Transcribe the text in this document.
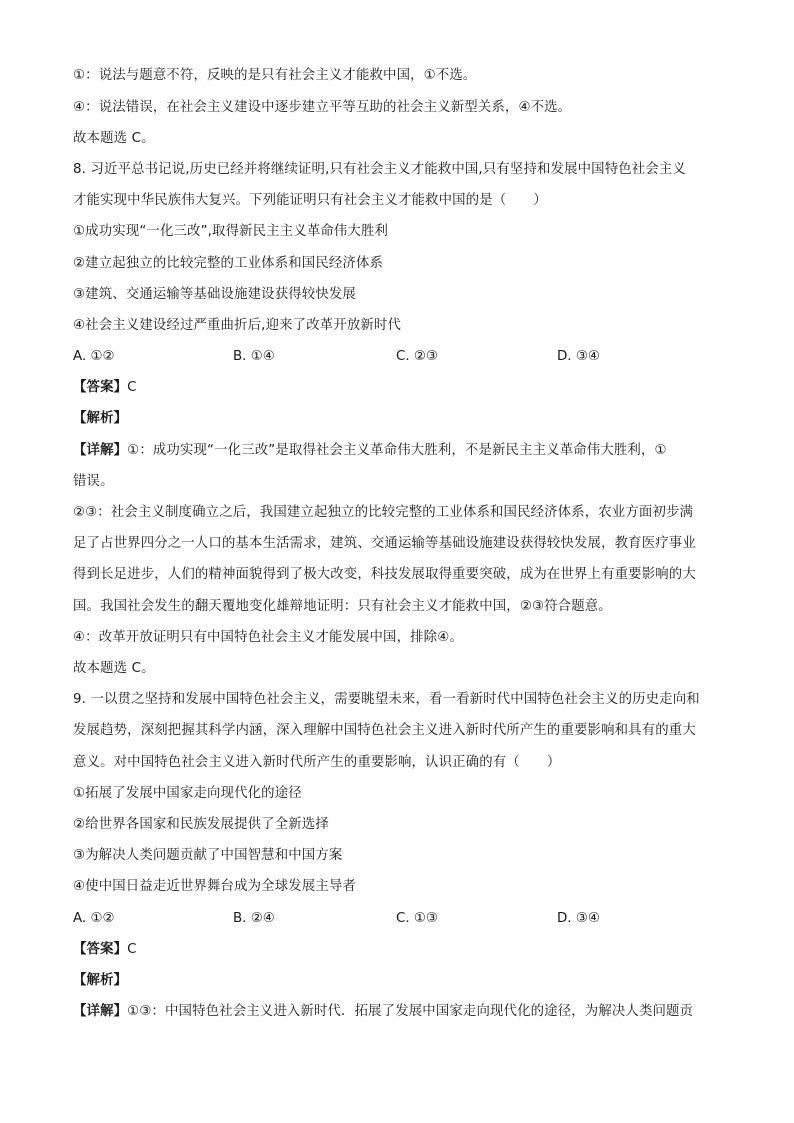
①：说法与题意不符，反映的是只有社会主义才能救中国，①不选。

④：说法错误，在社会主义建设中逐步建立平等互助的社会主义新型关系，④不选。

故本题选 C。

8. 习近平总书记说,历史已经并将继续证明,只有社会主义才能救中国,只有坚持和发展中国特色社会主义

才能实现中华民族伟大复兴。下列能证明只有社会主义才能救中国的是（　　）

①成功实现“一化三改”,取得新民主主义革命伟大胜利

②建立起独立的比较完整的工业体系和国民经济体系

③建筑、交通运输等基础设施建设获得较快发展

④社会主义建设经过严重曲折后,迎来了改革开放新时代

A. ①②	B. ①④	C. ②③	D. ③④

【答案】C

【解析】

【详解】①：成功实现“一化三改”是取得社会主义革命伟大胜利，不是新民主主义革命伟大胜利，①

错误。

②③：社会主义制度确立之后，我国建立起独立的比较完整的工业体系和国民经济体系，农业方面初步满

足了占世界四分之一人口的基本生活需求，建筑、交通运输等基础设施建设获得较快发展，教育医疗事业

得到长足进步，人们的精神面貌得到了极大改变，科技发展取得重要突破，成为在世界上有重要影响的大

国。我国社会发生的翻天覆地变化雄辩地证明：只有社会主义才能救中国，②③符合题意。

④：改革开放证明只有中国特色社会主义才能发展中国，排除④。

故本题选 C。

9. 一以贯之坚持和发展中国特色社会主义，需要眺望未来，看一看新时代中国特色社会主义的历史走向和

发展趋势，深刻把握其科学内涵，深入理解中国特色社会主义进入新时代所产生的重要影响和具有的重大

意义。对中国特色社会主义进入新时代所产生的重要影响，认识正确的有（　　）

①拓展了发展中国家走向现代化的途径

②给世界各国家和民族发展提供了全新选择

③为解决人类问题贡献了中国智慧和中国方案

④使中国日益走近世界舞台成为全球发展主导者

A. ①②	B. ②④	C. ①③	D. ③④

【答案】C

【解析】

【详解】①③：中国特色社会主义进入新时代．拓展了发展中国家走向现代化的途径，为解决人类问题贡
